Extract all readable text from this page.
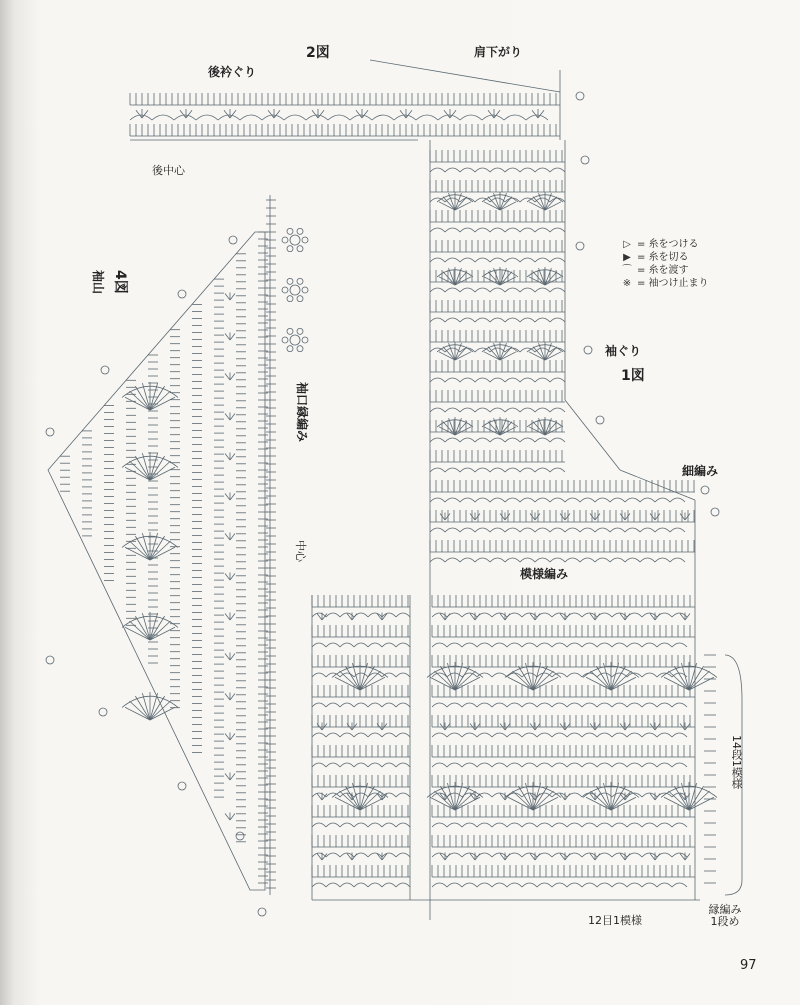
2図
後衿ぐり
肩下がり
後中心
袖ぐり
1図
細編み
模様編み
14段1模様
12目1模様
縁編み1段め
袖山 4図
袖口縁編み
中心
▷ = 糸をつける
▶ = 糸を切る
⌒ = 糸を渡す
※ = 袖つけ止まり
97
